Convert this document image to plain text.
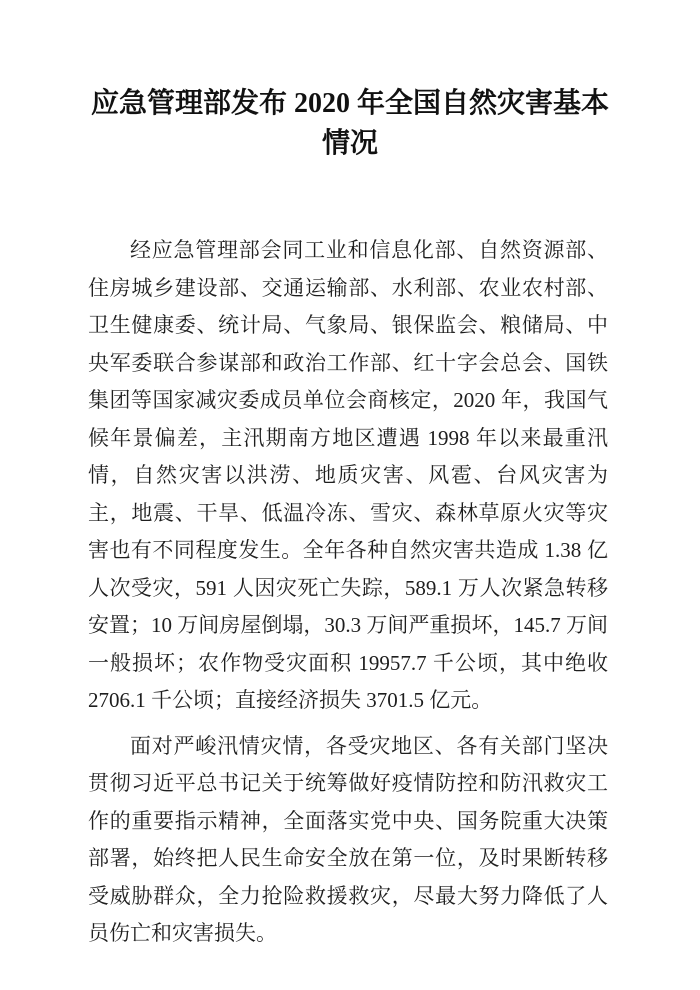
应急管理部发布 2020 年全国自然灾害基本情况

经应急管理部会同工业和信息化部、自然资源部、住房城乡建设部、交通运输部、水利部、农业农村部、卫生健康委、统计局、气象局、银保监会、粮储局、中央军委联合参谋部和政治工作部、红十字会总会、国铁集团等国家减灾委成员单位会商核定，2020 年，我国气候年景偏差，主汛期南方地区遭遇 1998 年以来最重汛情，自然灾害以洪涝、地质灾害、风雹、台风灾害为主，地震、干旱、低温冷冻、雪灾、森林草原火灾等灾害也有不同程度发生。全年各种自然灾害共造成 1.38 亿人次受灾，591 人因灾死亡失踪，589.1 万人次紧急转移安置；10 万间房屋倒塌，30.3 万间严重损坏，145.7 万间一般损坏；农作物受灾面积 19957.7 千公顷，其中绝收 2706.1 千公顷；直接经济损失 3701.5 亿元。

面对严峻汛情灾情，各受灾地区、各有关部门坚决贯彻习近平总书记关于统筹做好疫情防控和防汛救灾工作的重要指示精神，全面落实党中央、国务院重大决策部署，始终把人民生命安全放在第一位，及时果断转移受威胁群众，全力抢险救援救灾，尽最大努力降低了人员伤亡和灾害损失。
